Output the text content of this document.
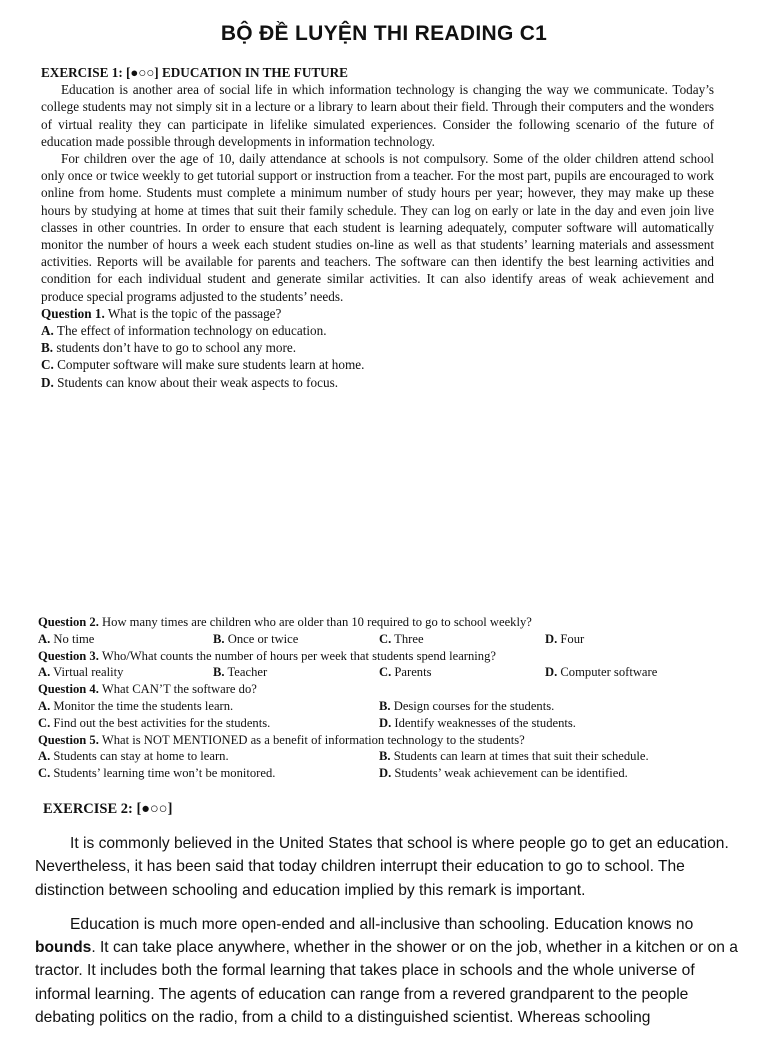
BỘ ĐỀ LUYỆN THI READING C1
EXERCISE 1: [●○○] EDUCATION IN THE FUTURE

Education is another area of social life in which information technology is changing the way we communicate. Today’s college students may not simply sit in a lecture or a library to learn about their field. Through their computers and the wonders of virtual reality they can participate in lifelike simulated experiences. Consider the following scenario of the future of education made possible through developments in information technology.

For children over the age of 10, daily attendance at schools is not compulsory. Some of the older children attend school only once or twice weekly to get tutorial support or instruction from a teacher. For the most part, pupils are encouraged to work online from home. Students must complete a minimum number of study hours per year; however, they may make up these hours by studying at home at times that suit their family schedule. They can log on early or late in the day and even join live classes in other countries. In order to ensure that each student is learning adequately, computer software will automatically monitor the number of hours a week each student studies on-line as well as that students’ learning materials and assessment activities. Reports will be available for parents and teachers. The software can then identify the best learning activities and condition for each individual student and generate similar activities. It can also identify areas of weak achievement and produce special programs adjusted to the students’ needs.

Question 1. What is the topic of the passage?

A. The effect of information technology on education.

B. students don’t have to go to school any more.

C. Computer software will make sure students learn at home.

D. Students can know about their weak aspects to focus.

Question 2. How many times are children who are older than 10 required to go to school weekly?

A. No time	B. Once or twice	C. Three	D. Four

Question 3. Who/What counts the number of hours per week that students spend learning?

A. Virtual reality	B. Teacher	C. Parents	D. Computer software

Question 4. What CAN’T the software do?

A. Monitor the time the students learn.	B. Design courses for the students.
C. Find out the best activities for the students.	D. Identify weaknesses of the students.

Question 5. What is NOT MENTIONED as a benefit of information technology to the students?

A. Students can stay at home to learn.	B. Students can learn at times that suit their schedule.
C. Students’ learning time won’t be monitored.	D. Students’ weak achievement can be identified.
EXERCISE 2: [●○○]

It is commonly believed in the United States that school is where people go to get an education. Nevertheless, it has been said that today children interrupt their education to go to school. The distinction between schooling and education implied by this remark is important.

Education is much more open-ended and all-inclusive than schooling. Education knows no bounds. It can take place anywhere, whether in the shower or on the job, whether in a kitchen or on a tractor. It includes both the formal learning that takes place in schools and the whole universe of informal learning. The agents of education can range from a revered grandparent to the people debating politics on the radio, from a child to a distinguished scientist. Whereas schooling
